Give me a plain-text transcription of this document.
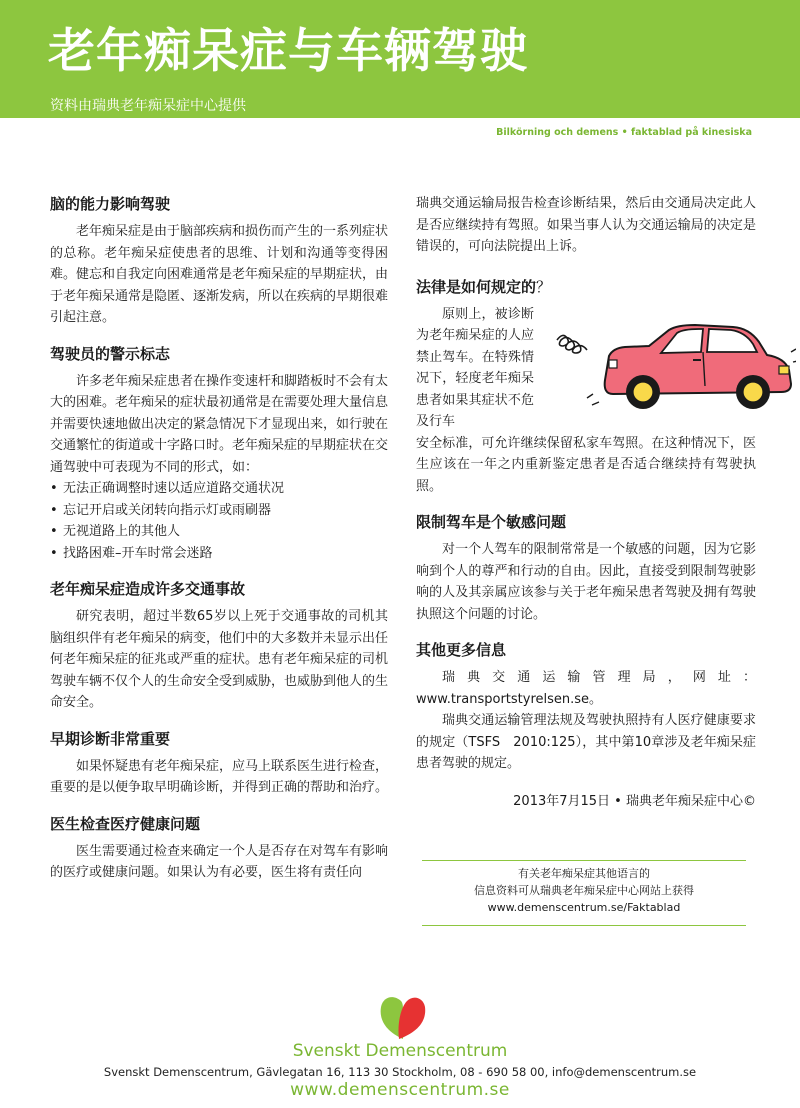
老年痴呆症与车辆驾驶
资料由瑞典老年痴呆症中心提供
Bilkörning och demens • faktablad på kinesiska
脑的能力影响驾驶

老年痴呆症是由于脑部疾病和损伤而产生的一系列症状的总称。老年痴呆症使患者的思维、计划和沟通等变得困难。健忘和自我定向困难通常是老年痴呆症的早期症状，由于老年痴呆通常是隐匿、逐渐发病，所以在疾病的早期很难引起注意。

驾驶员的警示标志

许多老年痴呆症患者在操作变速杆和脚踏板时不会有太大的困难。老年痴呆的症状最初通常是在需要处理大量信息并需要快速地做出决定的紧急情况下才显现出来，如行驶在交通繁忙的街道或十字路口时。老年痴呆症的早期症状在交通驾驶中可表现为不同的形式，如：

• 无法正确调整时速以适应道路交通状况
• 忘记开启或关闭转向指示灯或雨刷器
• 无视道路上的其他人
• 找路困难–开车时常会迷路
老年痴呆症造成许多交通事故

研究表明，超过半数65岁以上死于交通事故的司机其脑组织伴有老年痴呆的病变，他们中的大多数并未显示出任何老年痴呆症的征兆或严重的症状。患有老年痴呆症的司机驾驶车辆不仅个人的生命安全受到威胁，也威胁到他人的生命安全。

早期诊断非常重要

如果怀疑患有老年痴呆症，应马上联系医生进行检查，重要的是以便争取早明确诊断，并得到正确的帮助和治疗。

医生检查医疗健康问题

医生需要通过检查来确定一个人是否存在对驾车有影响的医疗或健康问题。如果认为有必要，医生将有责任向

瑞典交通运输局报告检查诊断结果，然后由交通局决定此人是否应继续持有驾照。如果当事人认为交通运输局的决定是错误的，可向法院提出上诉。

法律是如何规定的？

原则上，被诊断为老年痴呆症的人应禁止驾车。在特殊情况下，轻度老年痴呆患者如果其症状不危及行车

安全标准，可允许继续保留私家车驾照。在这种情况下，医生应该在一年之内重新鉴定患者是否适合继续持有驾驶执照。

限制驾车是个敏感问题

对一个人驾车的限制常常是一个敏感的问题，因为它影响到个人的尊严和行动的自由。因此，直接受到限制驾驶影响的人及其亲属应该参与关于老年痴呆患者驾驶及拥有驾驶执照这个问题的讨论。

其他更多信息

瑞典交通运输管理局，网址：www.transportstyrelsen.se。

瑞典交通运输管理法规及驾驶执照持有人医疗健康要求的规定（TSFS　2010:125），其中第10章涉及老年痴呆症患者驾驶的规定。

2013年7月15日 • 瑞典老年痴呆症中心©
有关老年痴呆症其他语言的
信息资料可从瑞典老年痴呆症中心网站上获得
www.demenscentrum.se/Faktablad
Svenskt Demenscentrum
Svenskt Demenscentrum, Gävlegatan 16, 113 30 Stockholm, 08 - 690 58 00, info@demenscentrum.se
www.demenscentrum.se
